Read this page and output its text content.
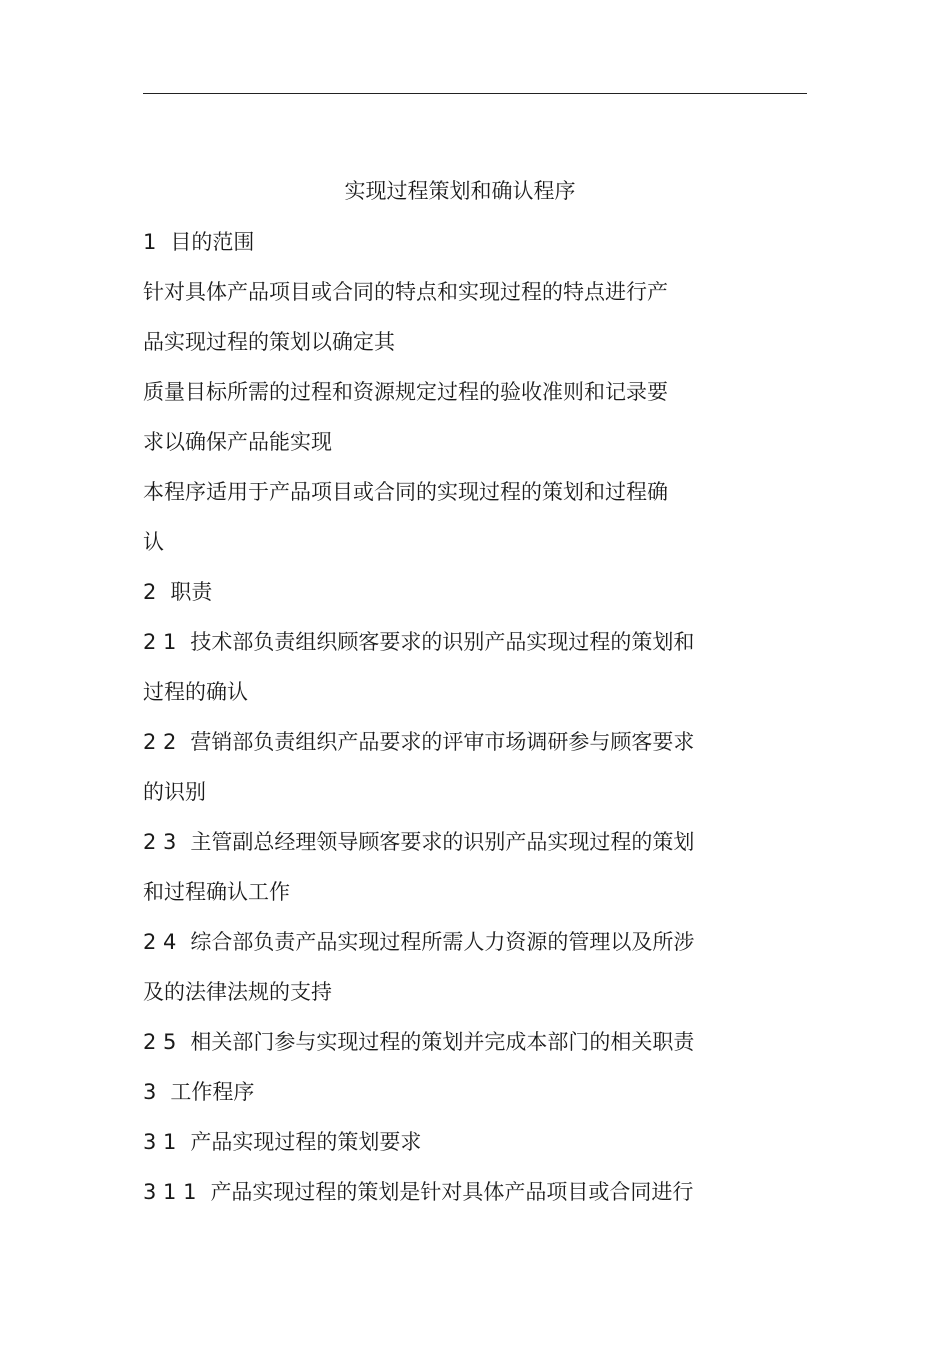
实现过程策划和确认程序
1 目的范围
针对具体产品项目或合同的特点和实现过程的特点进行产
品实现过程的策划以确定其
质量目标所需的过程和资源规定过程的验收准则和记录要
求以确保产品能实现
本程序适用于产品项目或合同的实现过程的策划和过程确
认
2 职责
2 1 技术部负责组织顾客要求的识别产品实现过程的策划和
过程的确认
2 2 营销部负责组织产品要求的评审市场调研参与顾客要求
的识别
2 3 主管副总经理领导顾客要求的识别产品实现过程的策划
和过程确认工作
2 4 综合部负责产品实现过程所需人力资源的管理以及所涉
及的法律法规的支持
2 5 相关部门参与实现过程的策划并完成本部门的相关职责
3 工作程序
3 1 产品实现过程的策划要求
3 1 1 产品实现过程的策划是针对具体产品项目或合同进行
